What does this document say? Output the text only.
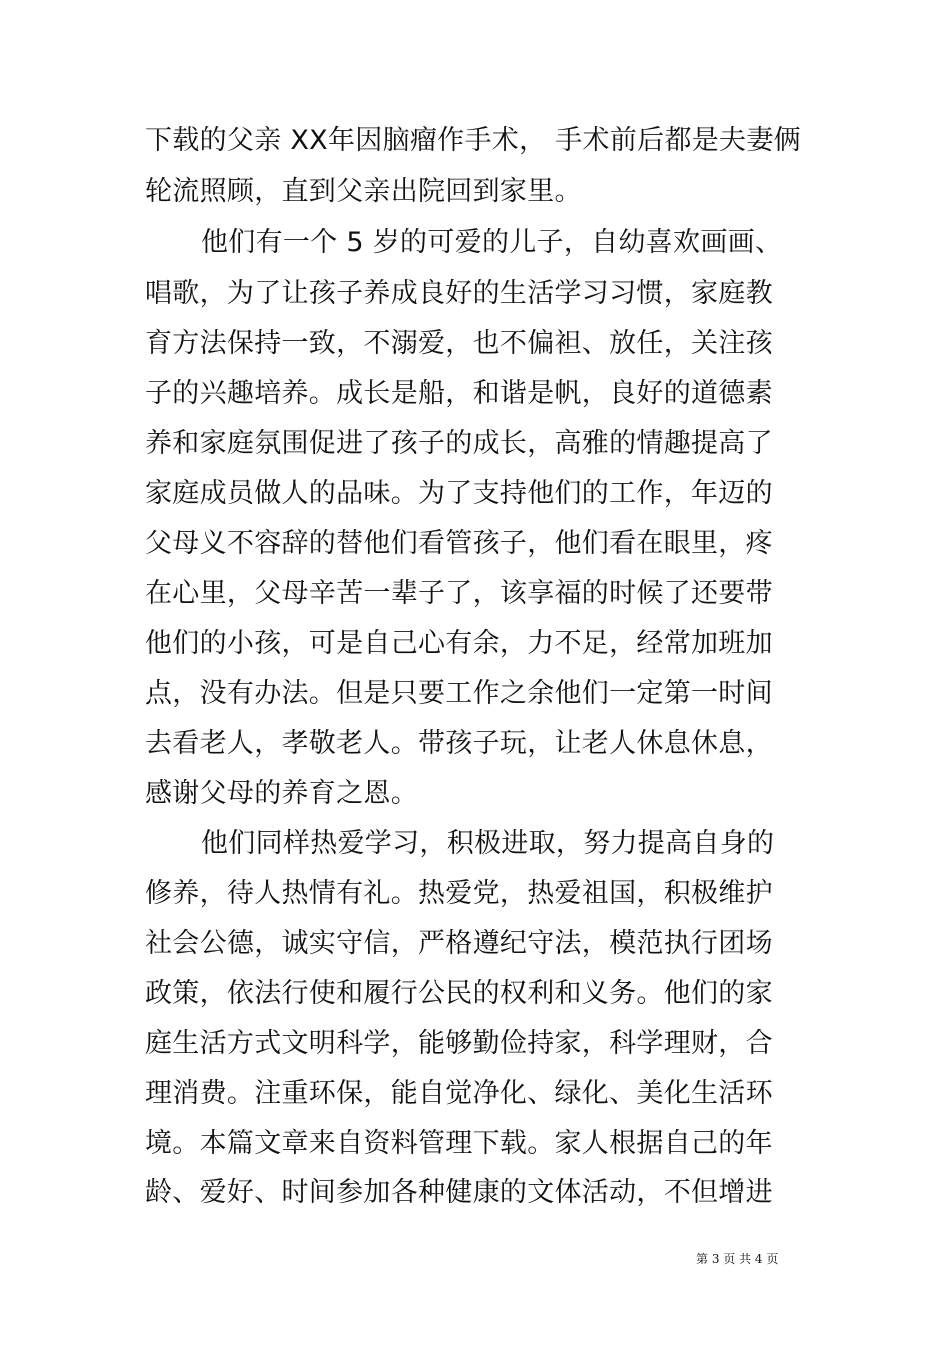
下载的父亲 XX年因脑瘤作手术， 手术前后都是夫妻俩
轮流照顾，直到父亲出院回到家里。
他们有一个 5 岁的可爱的儿子，自幼喜欢画画、
唱歌，为了让孩子养成良好的生活学习习惯，家庭教
育方法保持一致，不溺爱，也不偏袒、放任，关注孩
子的兴趣培养。成长是船，和谐是帆，良好的道德素
养和家庭氛围促进了孩子的成长，高雅的情趣提高了
家庭成员做人的品味。为了支持他们的工作，年迈的
父母义不容辞的替他们看管孩子，他们看在眼里，疼
在心里，父母辛苦一辈子了，该享福的时候了还要带
他们的小孩，可是自己心有余，力不足，经常加班加
点，没有办法。但是只要工作之余他们一定第一时间
去看老人，孝敬老人。带孩子玩，让老人休息休息，
感谢父母的养育之恩。
他们同样热爱学习，积极进取，努力提高自身的
修养，待人热情有礼。热爱党，热爱祖国，积极维护
社会公德，诚实守信，严格遵纪守法，模范执行团场
政策，依法行使和履行公民的权利和义务。他们的家
庭生活方式文明科学，能够勤俭持家，科学理财，合
理消费。注重环保，能自觉净化、绿化、美化生活环
境。本篇文章来自资料管理下载。家人根据自己的年
龄、爱好、时间参加各种健康的文体活动，不但增进
第 3 页 共 4 页
